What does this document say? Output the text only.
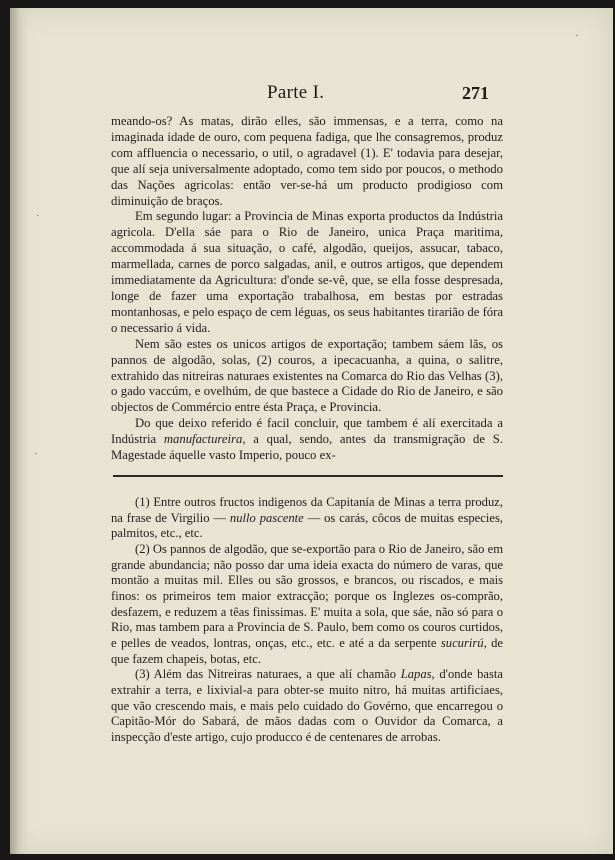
Parte I.	271

meando-os? As matas, dirão elles, são immensas, e a terra, como na imaginada idade de ouro, com pequena fadiga, que lhe consagremos, produz com affluencia o necessario, o util, o agradavel (1). E' todavia para desejar, que alí seja universalmente adoptado, como tem sido por poucos, o methodo das Nações agricolas: então ver-se-há um producto prodigioso com diminuição de braços.

Em segundo lugar: a Provincia de Minas exporta productos da Indústria agricola. D'ella sáe para o Rio de Janeiro, unica Praça maritima, accommodada á sua situação, o café, algodão, queijos, assucar, tabaco, marmellada, carnes de porco salgadas, anil, e outros artigos, que dependem immediatamente da Agricultura: d'onde se-vê, que, se ella fosse despresada, longe de fazer uma exportação trabalhosa, em bestas por estradas montanhosas, e pelo espaço de cem léguas, os seus habitantes tirarião de fóra o necessario á vida.

Nem são estes os unicos artigos de exportação; tambem sáem lãs, os pannos de algodão, solas, (2) couros, a ipecacuanha, a quina, o salitre, extrahido das nitreiras naturaes existentes na Comarca do Rio das Velhas (3), o gado vaccúm, e ovelhúm, de que bastece a Cidade do Rio de Janeiro, e são objectos de Commércio entre ésta Praça, e Provincia.

Do que deixo referido é facil concluir, que tambem é alí exercitada a Indústria manufactureira, a qual, sendo, antes da transmigração de S. Magestade áquelle vasto Imperio, pouco ex-

(1) Entre outros fructos indigenos da Capitanía de Minas a terra produz, na frase de Virgilio — nullo pascente — os carás, côcos de muitas especies, palmitos, etc., etc.

(2) Os pannos de algodão, que se-exportão para o Rio de Janeiro, são em grande abundancia; não posso dar uma ideia exacta do número de varas, que montão a muitas mil. Elles ou são grossos, e brancos, ou riscados, e mais finos: os primeiros tem maior extracção; porque os Inglezes os-comprão, desfazem, e reduzem a têas finissimas. E' muita a sola, que sáe, não só para o Rio, mas tambem para a Provincia de S. Paulo, bem como os couros curtidos, e pelles de veados, lontras, onças, etc., etc. e até a da serpente sucurirú, de que fazem chapeis, botas, etc.

(3) Além das Nitreiras naturaes, a que alí chamão Lapas, d'onde basta extrahir a terra, e lixivial-a para obter-se muito nitro, há muitas artificiaes, que vão crescendo mais, e mais pelo cuidado do Govérno, que encarregou o Capitão-Mór do Sabará, de mãos dadas com o Ouvidor da Comarca, a inspecção d'este artigo, cujo producco é de centenares de arrobas.

·
·
·
